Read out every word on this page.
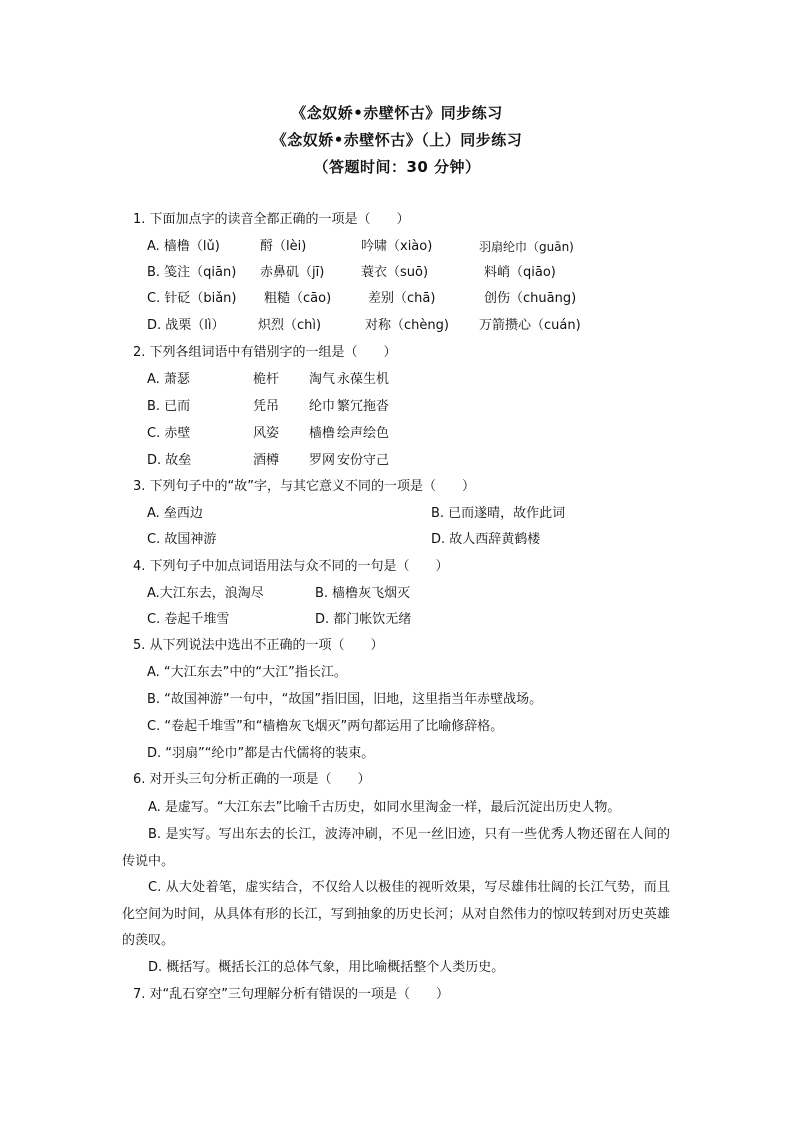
《念奴娇•赤壁怀古》同步练习
《念奴娇•赤壁怀古》（上）同步练习
（答题时间：30 分钟）
1. 下面加点字的读音全都正确的一项是（　　）
A. 樯橹（lǔ)	酹（lèi)	吟啸（xiào)	羽扇纶巾（guān)
B. 笺注（qiān) 赤鼻矶（jī)	蓑衣（suō)	料峭（qiāo)
C. 针砭（biǎn) 粗糙（cāo)	差别（chā)	创伤（chuāng)
D. 战栗（lì）	炽烈（chì)	对称（chèng) 万箭攒心（cuán)
2. 下列各组词语中有错别字的一组是（　　）
A. 萧瑟	桅杆 淘气 永葆生机
B. 已而	凭吊 纶巾 繁冗拖沓
C. 赤壁	风姿 樯橹 绘声绘色
D. 故垒	酒樽 罗网 安份守己
3. 下列句子中的“故”字，与其它意义不同的一项是（　　）
A. 垒西边	B. 已而遂晴，故作此词
C. 故国神游	D. 故人西辞黄鹤楼
4. 下列句子中加点词语用法与众不同的一句是（　　）
A.大江东去，浪淘尽	B. 樯橹灰飞烟灭
C. 卷起千堆雪	D. 都门帐饮无绪
5. 从下列说法中选出不正确的一项（　　）
A. “大江东去”中的“大江”指长江。
B. “故国神游”一句中，“故国”指旧国，旧地，这里指当年赤壁战场。
C. “卷起千堆雪”和“樯橹灰飞烟灭”两句都运用了比喻修辞格。
D. “羽扇”“纶巾”都是古代儒将的装束。
6. 对开头三句分析正确的一项是（　　）
A. 是虚写。“大江东去”比喻千古历史，如同水里淘金一样，最后沉淀出历史人物。
B. 是实写。写出东去的长江，波涛冲刷，不见一丝旧迹，只有一些优秀人物还留在人间的传说中。
C. 从大处着笔，虚实结合，不仅给人以极佳的视听效果，写尽雄伟壮阔的长江气势，而且化空间为时间，从具体有形的长江，写到抽象的历史长河；从对自然伟力的惊叹转到对历史英雄的羡叹。
D. 概括写。概括长江的总体气象，用比喻概括整个人类历史。
7. 对“乱石穿空”三句理解分析有错误的一项是（　　）
